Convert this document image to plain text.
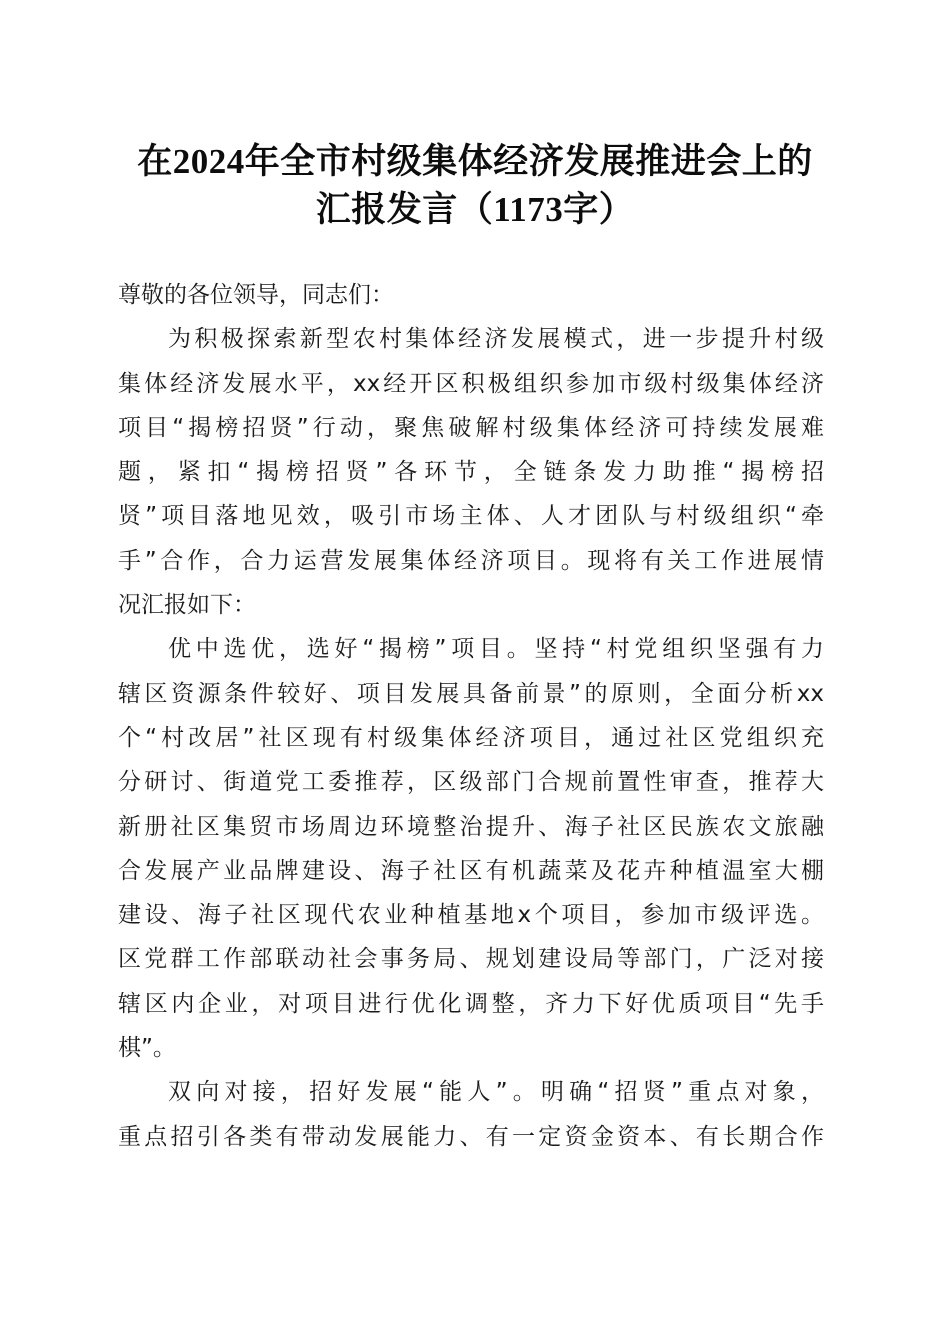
在2024年全市村级集体经济发展推进会上的
汇报发言（1173字）
尊敬的各位领导，同志们：
为积极探索新型农村集体经济发展模式，进一步提升村级
集体经济发展水平，xx经开区积极组织参加市级村级集体经济
项目“揭榜招贤”行动，聚焦破解村级集体经济可持续发展难
题，紧扣“揭榜招贤”各环节，全链条发力助推“揭榜招
贤”项目落地见效，吸引市场主体、人才团队与村级组织“牵
手”合作，合力运营发展集体经济项目。现将有关工作进展情
况汇报如下：
优中选优，选好“揭榜”项目。坚持“村党组织坚强有力
辖区资源条件较好、项目发展具备前景”的原则，全面分析xx
个“村改居”社区现有村级集体经济项目，通过社区党组织充
分研讨、街道党工委推荐，区级部门合规前置性审查，推荐大
新册社区集贸市场周边环境整治提升、海子社区民族农文旅融
合发展产业品牌建设、海子社区有机蔬菜及花卉种植温室大棚
建设、海子社区现代农业种植基地x个项目，参加市级评选。
区党群工作部联动社会事务局、规划建设局等部门，广泛对接
辖区内企业，对项目进行优化调整，齐力下好优质项目“先手
棋”。
双向对接，招好发展“能人”。明确“招贤”重点对象，
重点招引各类有带动发展能力、有一定资金资本、有长期合作
